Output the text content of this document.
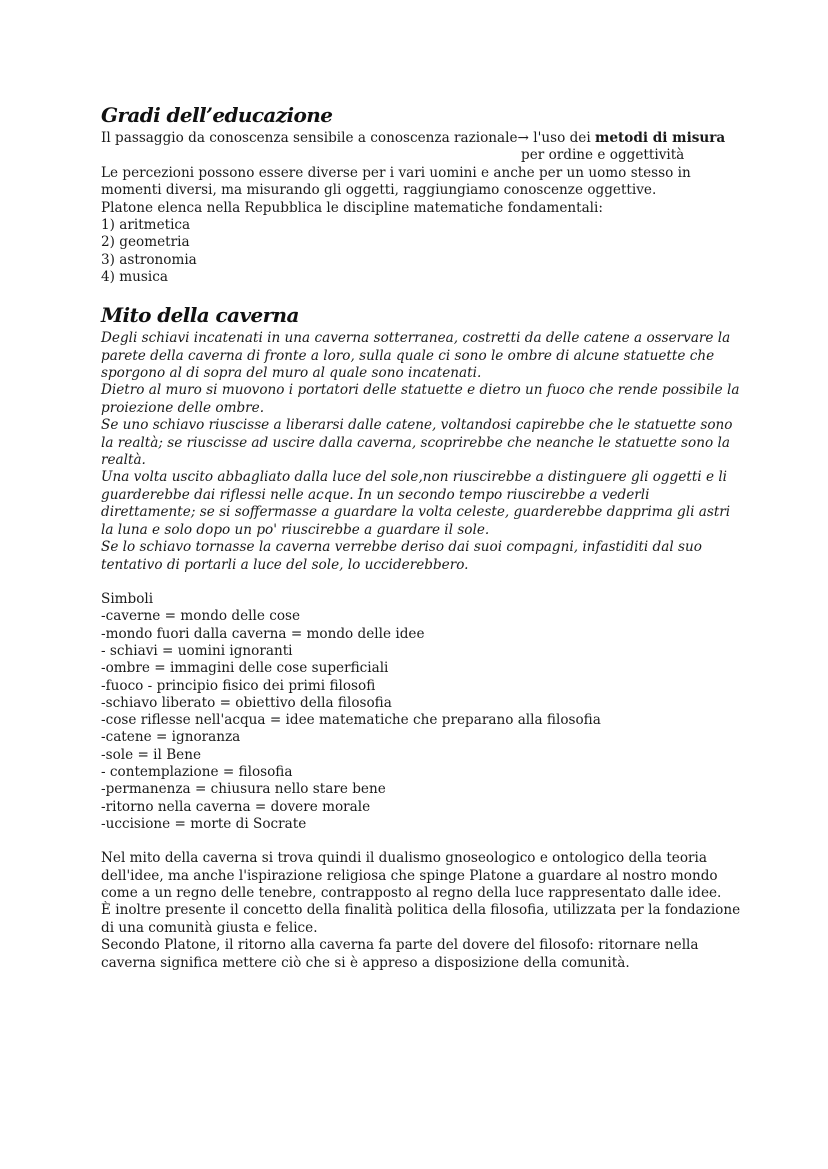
Gradi dell’educazione

Il passaggio da conoscenza sensibile a conoscenza razionale→ l'uso dei metodi di misura

per ordine e oggettività

Le percezioni possono essere diverse per i vari uomini e anche per un uomo stesso in

momenti diversi, ma misurando gli oggetti, raggiungiamo conoscenze oggettive.

Platone elenca nella Repubblica le discipline matematiche fondamentali:

1) aritmetica

2) geometria

3) astronomia

4) musica

Mito della caverna

Degli schiavi incatenati in una caverna sotterranea, costretti da delle catene a osservare la

parete della caverna di fronte a loro, sulla quale ci sono le ombre di alcune statuette che

sporgono al di sopra del muro al quale sono incatenati.

Dietro al muro si muovono i portatori delle statuette e dietro un fuoco che rende possibile la

proiezione delle ombre.

Se uno schiavo riuscisse a liberarsi dalle catene, voltandosi capirebbe che le statuette sono

la realtà; se riuscisse ad uscire dalla caverna, scoprirebbe che neanche le statuette sono la

realtà.

Una volta uscito abbagliato dalla luce del sole,non riuscirebbe a distinguere gli oggetti e li

guarderebbe dai riflessi nelle acque. In un secondo tempo riuscirebbe a vederli

direttamente; se si soffermasse a guardare la volta celeste, guarderebbe dapprima gli astri

la luna e solo dopo un po' riuscirebbe a guardare il sole.

Se lo schiavo tornasse la caverna verrebbe deriso dai suoi compagni, infastiditi dal suo

tentativo di portarli a luce del sole, lo ucciderebbero.

Simboli

-caverne = mondo delle cose

-mondo fuori dalla caverna = mondo delle idee

- schiavi = uomini ignoranti

-ombre = immagini delle cose superficiali

-fuoco - principio fisico dei primi filosofi

-schiavo liberato = obiettivo della filosofia

-cose riflesse nell'acqua = idee matematiche che preparano alla filosofia

-catene = ignoranza

-sole = il Bene

- contemplazione = filosofia

-permanenza = chiusura nello stare bene

-ritorno nella caverna = dovere morale

-uccisione = morte di Socrate

Nel mito della caverna si trova quindi il dualismo gnoseologico e ontologico della teoria

dell'idee, ma anche l'ispirazione religiosa che spinge Platone a guardare al nostro mondo

come a un regno delle tenebre, contrapposto al regno della luce rappresentato dalle idee.

È inoltre presente il concetto della finalità politica della filosofia, utilizzata per la fondazione

di una comunità giusta e felice.

Secondo Platone, il ritorno alla caverna fa parte del dovere del filosofo: ritornare nella

caverna significa mettere ciò che si è appreso a disposizione della comunità.
